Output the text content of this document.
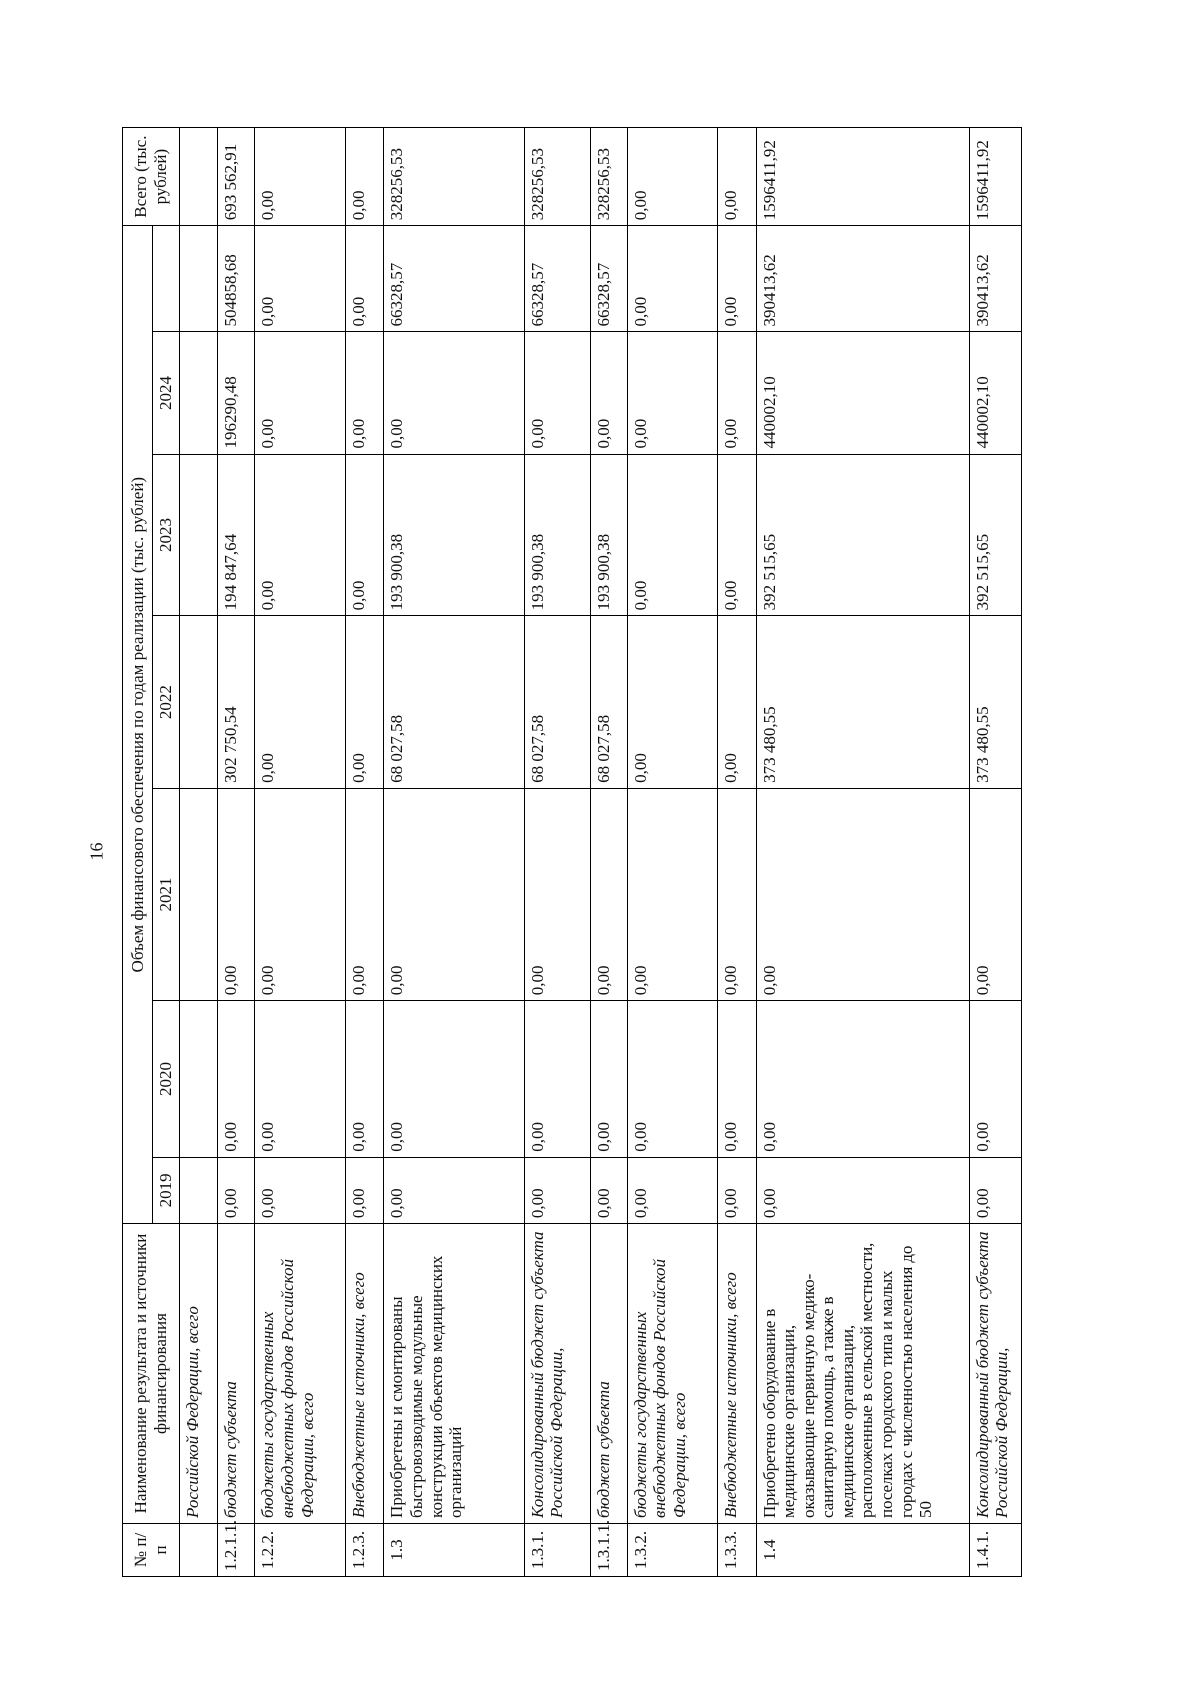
16
№ п/п	Наименование результата и источники финансирования	Объем финансового обеспечения по годам реализации (тыс. рублей)							Всего (тыс. рублей)
		2019	2020	2021	2022	2023	2024		
	Российской Федерации, всего								
1.2.1.1.	бюджет субъекта	0,00	0,00	0,00	302 750,54	194 847,64	196290,48	504858,68	693 562,91
1.2.2.	бюджеты государственных внебюджетных фондов Российской Федерации, всего	0,00	0,00	0,00	0,00	0,00	0,00	0,00	0,00
1.2.3.	Внебюджетные источники, всего	0,00	0,00	0,00	0,00	0,00	0,00	0,00	0,00
1.3	Приобретены и смонтированы быстровозводимые модульные конструкции объектов медицинских организаций	0,00	0,00	0,00	68 027,58	193 900,38	0,00	66328,57	328256,53
1.3.1.	Консолидированный бюджет субъекта Российской Федерации,	0,00	0,00	0,00	68 027,58	193 900,38	0,00	66328,57	328256,53
1.3.1.1.	бюджет субъекта	0,00	0,00	0,00	68 027,58	193 900,38	0,00	66328,57	328256,53
1.3.2.	бюджеты государственных внебюджетных фондов Российской Федерации, всего	0,00	0,00	0,00	0,00	0,00	0,00	0,00	0,00
1.3.3.	Внебюджетные источники, всего	0,00	0,00	0,00	0,00	0,00	0,00	0,00	0,00
1.4	Приобретено оборудование в медицинские организации, оказывающие первичную медико-санитарную помощь, а также в медицинские организации, расположенные в сельской местности, поселках городского типа и малых городах с численностью населения до 50	0,00	0,00	0,00	373 480,55	392 515,65	440002,10	390413,62	1596411,92
1.4.1.	Консолидированный бюджет субъекта Российской Федерации,	0,00	0,00	0,00	373 480,55	392 515,65	440002,10	390413,62	1596411,92
